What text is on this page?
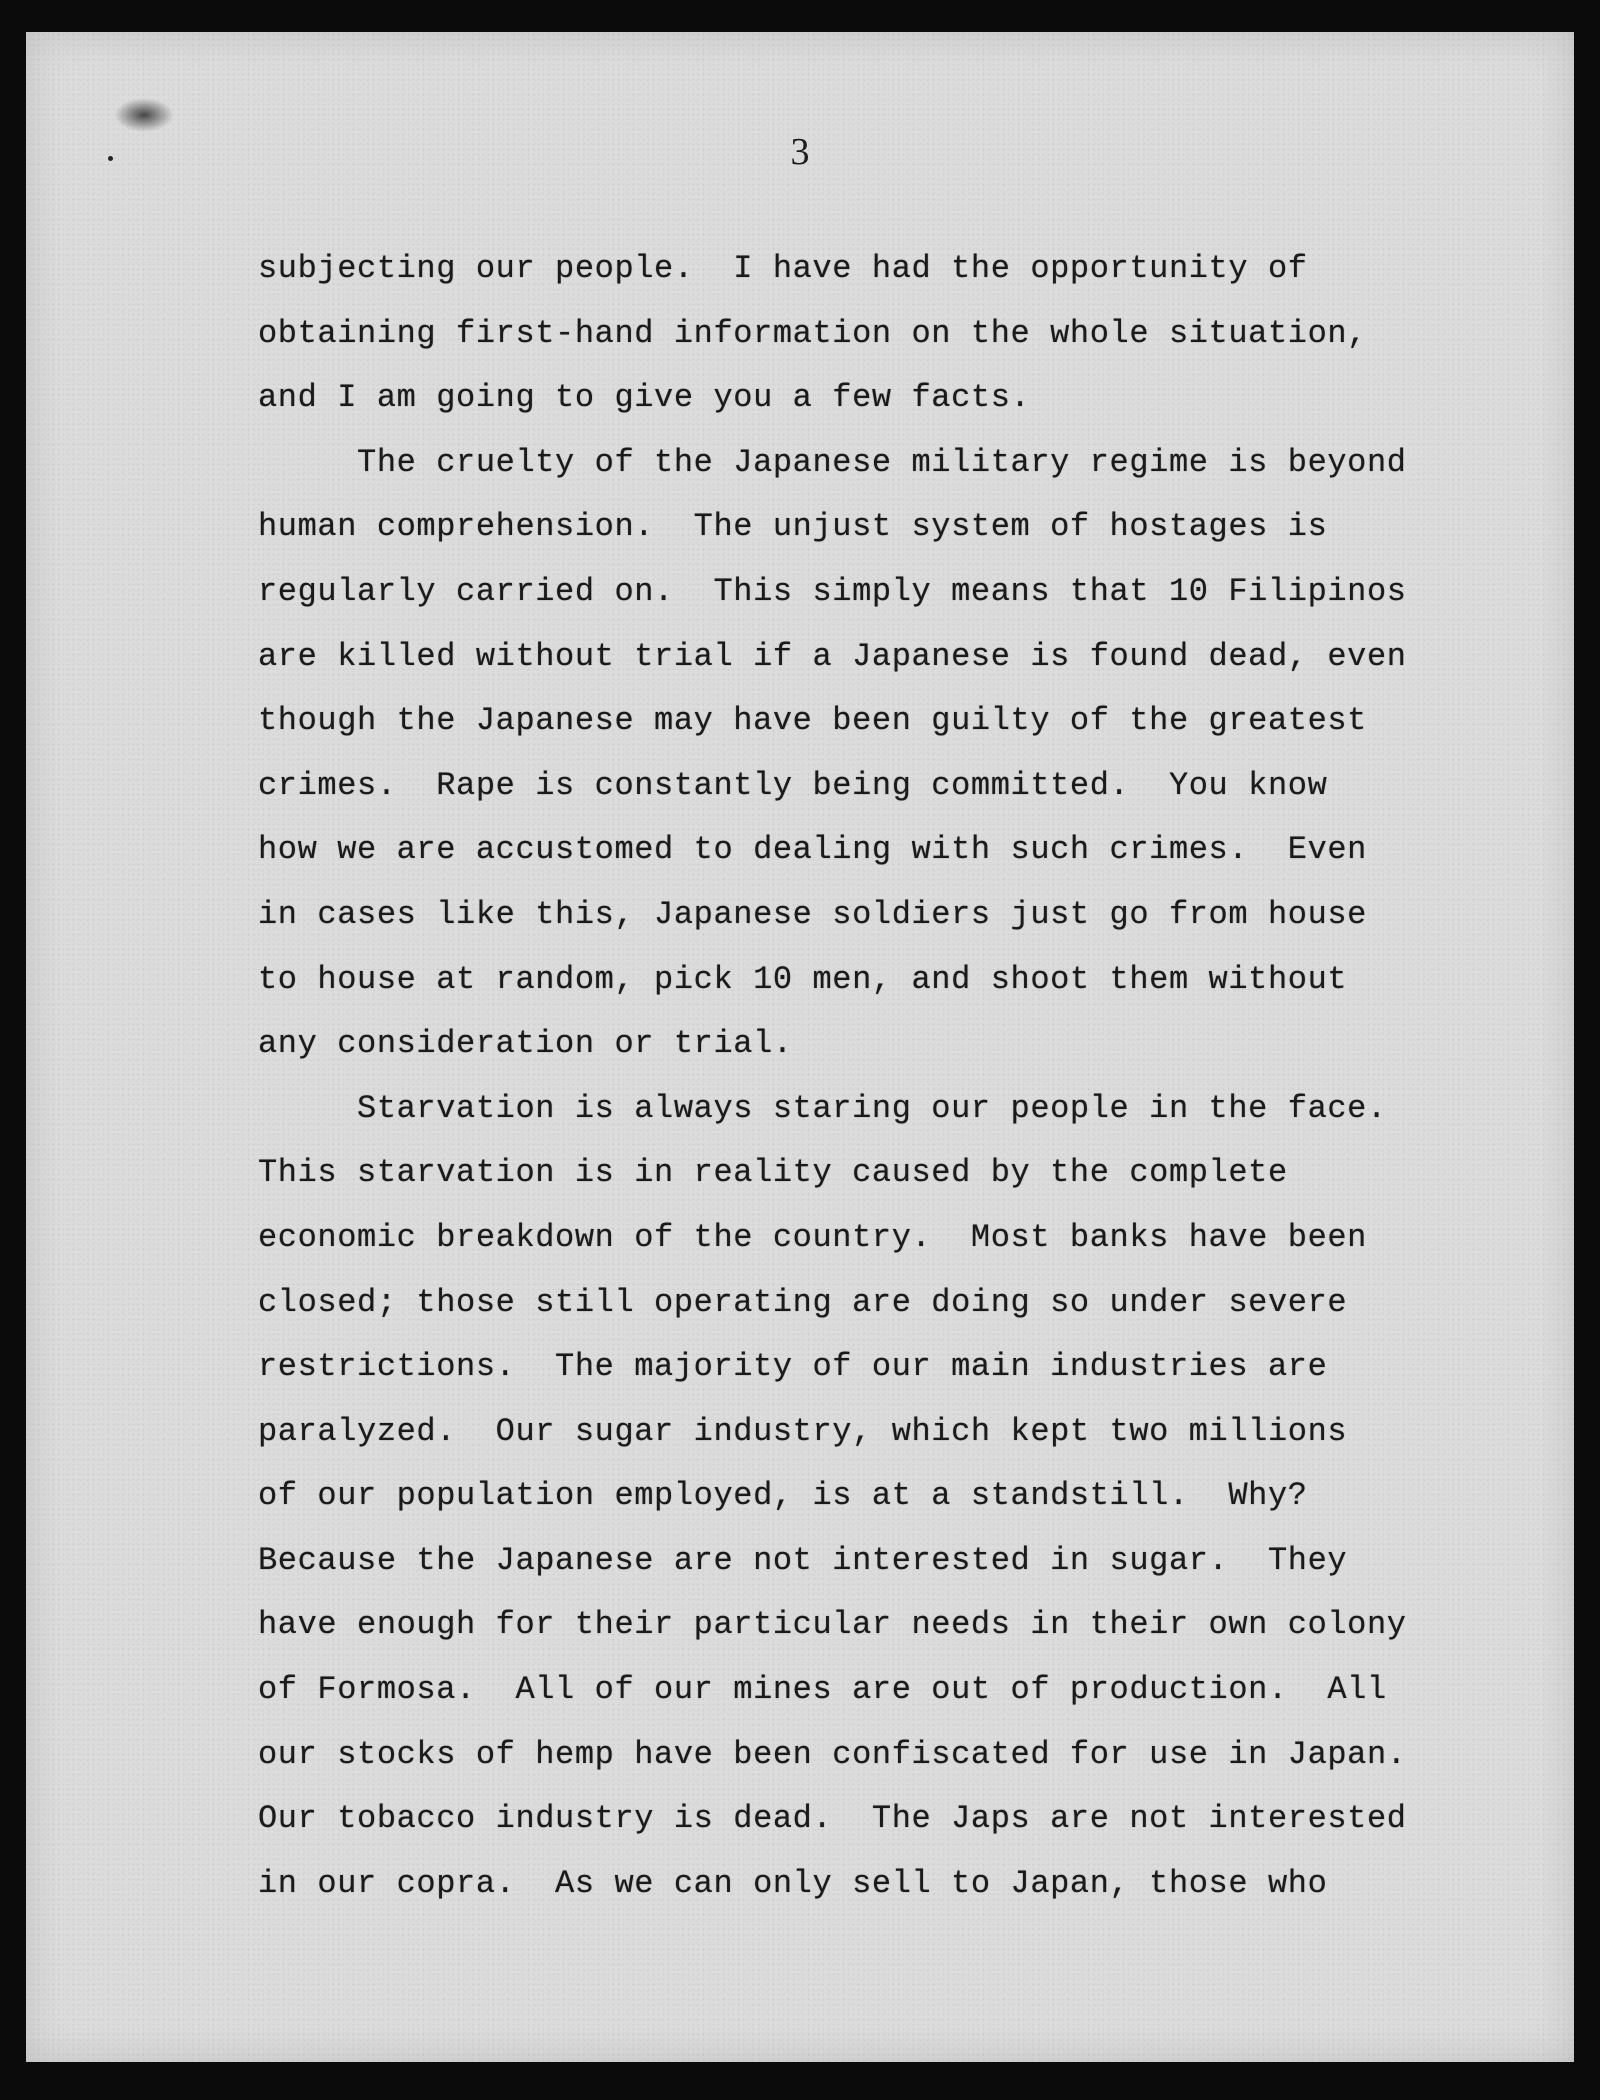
3
subjecting our people.  I have had the opportunity of
obtaining first-hand information on the whole situation,
and I am going to give you a few facts.
The cruelty of the Japanese military regime is beyond
human comprehension.  The unjust system of hostages is
regularly carried on.  This simply means that 10 Filipinos
are killed without trial if a Japanese is found dead, even
though the Japanese may have been guilty of the greatest
crimes.  Rape is constantly being committed.  You know
how we are accustomed to dealing with such crimes.  Even
in cases like this, Japanese soldiers just go from house
to house at random, pick 10 men, and shoot them without
any consideration or trial.
Starvation is always staring our people in the face.
This starvation is in reality caused by the complete
economic breakdown of the country.  Most banks have been
closed; those still operating are doing so under severe
restrictions.  The majority of our main industries are
paralyzed.  Our sugar industry, which kept two millions
of our population employed, is at a standstill.  Why?
Because the Japanese are not interested in sugar.  They
have enough for their particular needs in their own colony
of Formosa.  All of our mines are out of production.  All
our stocks of hemp have been confiscated for use in Japan.
Our tobacco industry is dead.  The Japs are not interested
in our copra.  As we can only sell to Japan, those who
